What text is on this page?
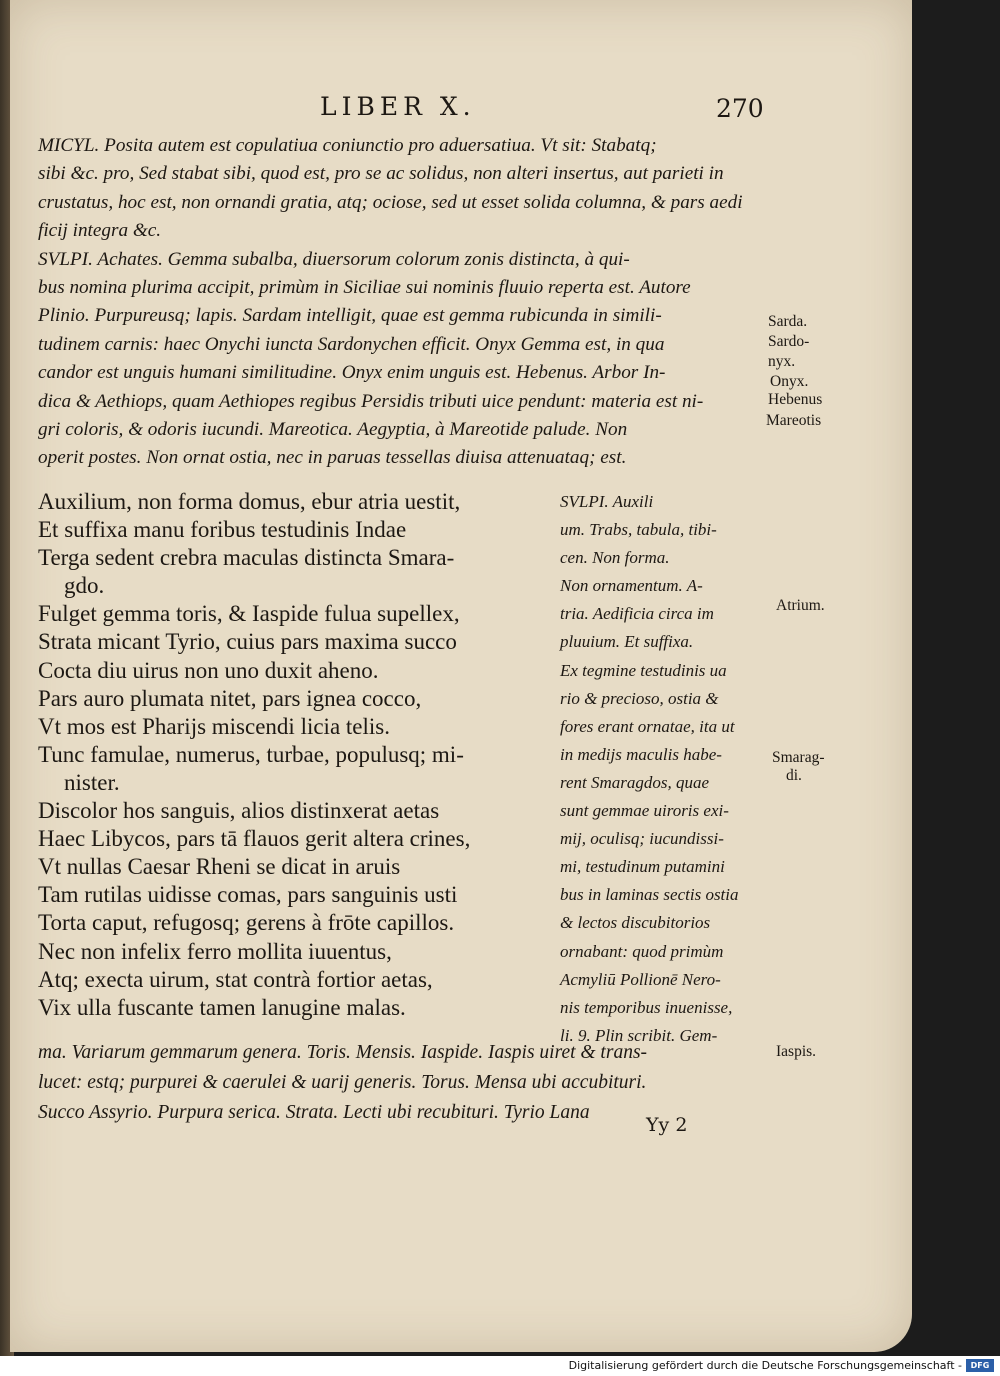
LIBER X.	270
MICYL. Posita autem est copulatiua coniunctio pro aduersatiua. Vt sit: Stabatq;
sibi &c. pro, Sed stabat sibi, quod est, pro se ac solidus, non alteri insertus, aut parieti in
crustatus, hoc est, non ornandi gratia, atq; ociose, sed ut esset solida columna, & pars aedi
ficij integra &c.
SVLPI. Achates. Gemma subalba, diuersorum colorum zonis distincta, à qui-
bus nomina plurima accipit, primùm in Siciliae sui nominis fluuio reperta est. Autore
Plinio. Purpureusq; lapis. Sardam intelligit, quae est gemma rubicunda in simili-
tudinem carnis: haec Onychi iuncta Sardonychen efficit. Onyx Gemma est, in qua
candor est unguis humani similitudine. Onyx enim unguis est. Hebenus. Arbor In-
dica & Aethiops, quam Aethiopes regibus Persidis tributi uice pendunt: materia est ni-
gri coloris, & odoris iucundi. Mareotica. Aegyptia, à Mareotide palude. Non
operit postes. Non ornat ostia, nec in paruas tessellas diuisa attenuataq; est.
Sarda.
Sardo-
nyx.
Onyx.
Hebenus
Mareotis
Auxilium, non forma domus, ebur atria uestit,
Et suffixa manu foribus testudinis Indae
Terga sedent crebra maculas distincta Smara-
gdo.
Fulget gemma toris, & Iaspide fulua supellex,
Strata micant Tyrio, cuius pars maxima succo
Cocta diu uirus non uno duxit aheno.
Pars auro plumata nitet, pars ignea cocco,
Vt mos est Pharijs miscendi licia telis.
Tunc famulae, numerus, turbae, populusq; mi-
nister.
Discolor hos sanguis, alios distinxerat aetas
Haec Libycos, pars tā flauos gerit altera crines,
Vt nullas Caesar Rheni se dicat in aruis
Tam rutilas uidisse comas, pars sanguinis usti
Torta caput, refugosq; gerens à frōte capillos.
Nec non infelix ferro mollita iuuentus,
Atq; execta uirum, stat contrà fortior aetas,
Vix ulla fuscante tamen lanugine malas.
SVLPI. Auxili
um. Trabs, tabula, tibi-
cen. Non forma.
Non ornamentum. A-
tria. Aedificia circa im
pluuium. Et suffixa.
Ex tegmine testudinis ua
rio & precioso, ostia &
fores erant ornatae, ita ut
in medijs maculis habe-
rent Smaragdos, quae
sunt gemmae uiroris exi-
mij, oculisq; iucundissi-
mi, testudinum putamini
bus in laminas sectis ostia
& lectos discubitorios
ornabant: quod primùm
Acmyliū Pollionē Nero-
nis temporibus inuenisse,
li. 9. Plin scribit. Gem-
Atrium.
Smarag-
di.
ma. Variarum gemmarum genera. Toris. Mensis. Iaspide. Iaspis uiret & trans-
lucet: estq; purpurei & caerulei & uarij generis. Torus. Mensa ubi accubituri.
Succo Assyrio. Purpura serica. Strata. Lecti ubi recubituri. Tyrio Lana
Iaspis.
Yy 2
Digitalisierung gefördert durch die Deutsche Forschungsgemeinschaft -	DFG
